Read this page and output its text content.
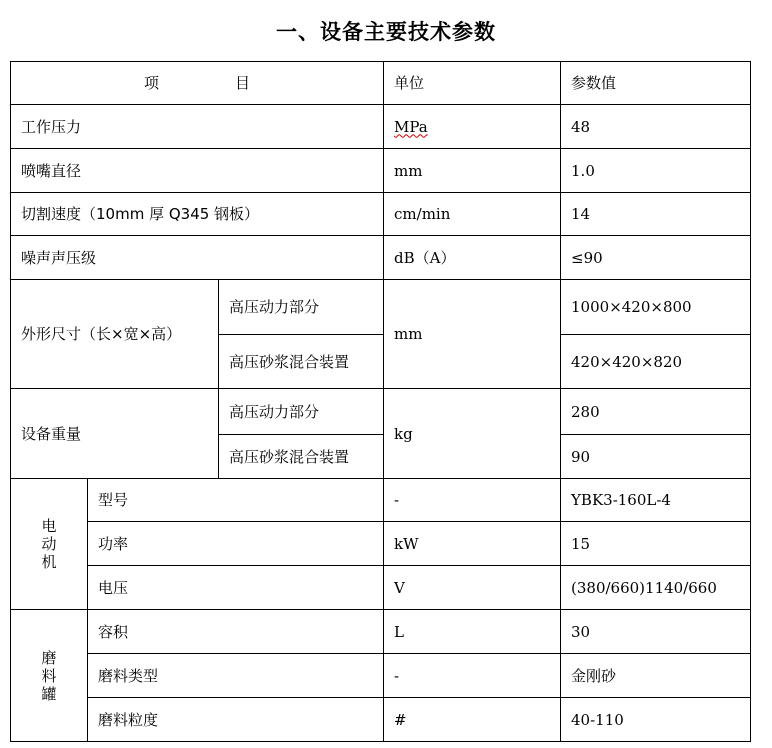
一、设备主要技术参数
项 目			单位	参数值
工作压力			MPa	48
喷嘴直径			mm	1.0
切割速度（10mm 厚 Q345 钢板）			cm/min	14
噪声声压级			dB（A）	≤90
外形尺寸（长×宽×高）		高压动力部分	mm	1000×420×800
		高压砂浆混合装置		420×420×820
设备重量		高压动力部分	kg	280
		高压砂浆混合装置		90

电动机	型号		-	YBK3-160L-4
	功率		kW	15
	电压		V	(380/660)1140/660

磨料罐	容积		L	30
	磨料类型		-	金刚砂
	磨料粒度		#	40-110
